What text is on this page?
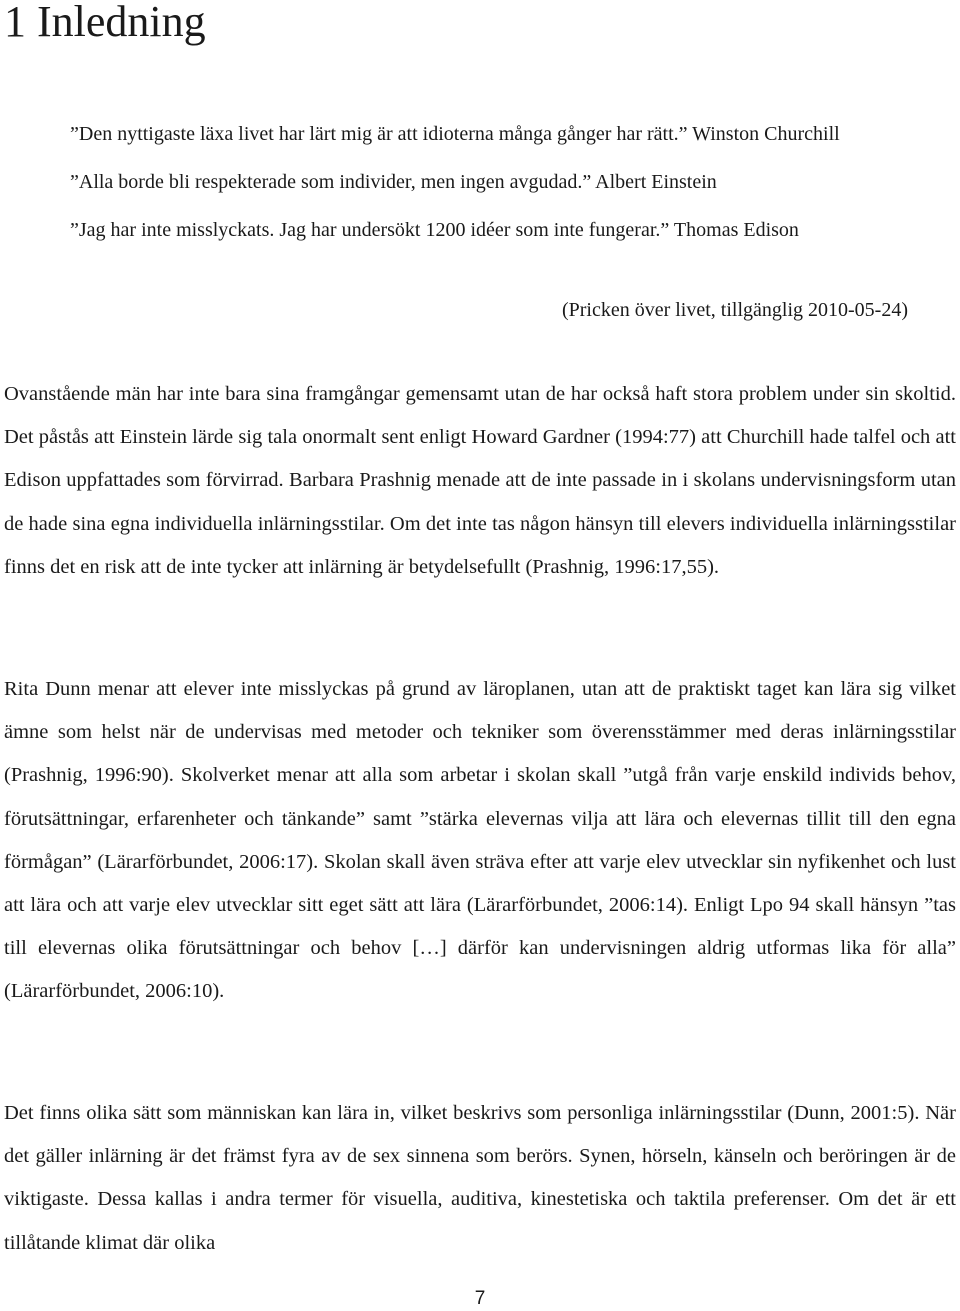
1 Inledning
”Den nyttigaste läxa livet har lärt mig är att idioterna många gånger har rätt.” Winston Churchill
”Alla borde bli respekterade som individer, men ingen avgudad.” Albert Einstein
”Jag har inte misslyckats. Jag har undersökt 1200 idéer som inte fungerar.” Thomas Edison
(Pricken över livet, tillgänglig 2010-05-24)

Ovanstående män har inte bara sina framgångar gemensamt utan de har också haft stora problem under sin skoltid. Det påstås att Einstein lärde sig tala onormalt sent enligt Howard Gardner (1994:77) att Churchill hade talfel och att Edison uppfattades som förvirrad. Barbara Prashnig menade att de inte passade in i skolans undervisningsform utan de hade sina egna individuella inlärningsstilar. Om det inte tas någon hänsyn till elevers individuella inlärningsstilar finns det en risk att de inte tycker att inlärning är betydelsefullt (Prashnig, 1996:17,55).

Rita Dunn menar att elever inte misslyckas på grund av läroplanen, utan att de praktiskt taget kan lära sig vilket ämne som helst när de undervisas med metoder och tekniker som överensstämmer med deras inlärningsstilar (Prashnig, 1996:90). Skolverket menar att alla som arbetar i skolan skall ”utgå från varje enskild individs behov, förutsättningar, erfarenheter och tänkande” samt ”stärka elevernas vilja att lära och elevernas tillit till den egna förmågan” (Lärarförbundet, 2006:17). Skolan skall även sträva efter att varje elev utvecklar sin nyfikenhet och lust att lära och att varje elev utvecklar sitt eget sätt att lära (Lärarförbundet, 2006:14). Enligt Lpo 94 skall hänsyn ”tas till elevernas olika förutsättningar och behov […] därför kan undervisningen aldrig utformas lika för alla” (Lärarförbundet, 2006:10).

Det finns olika sätt som människan kan lära in, vilket beskrivs som personliga inlärningsstilar (Dunn, 2001:5). När det gäller inlärning är det främst fyra av de sex sinnena som berörs. Synen, hörseln, känseln och beröringen är de viktigaste. Dessa kallas i andra termer för visuella, auditiva, kinestetiska och taktila preferenser. Om det är ett tillåtande klimat där olika

7
